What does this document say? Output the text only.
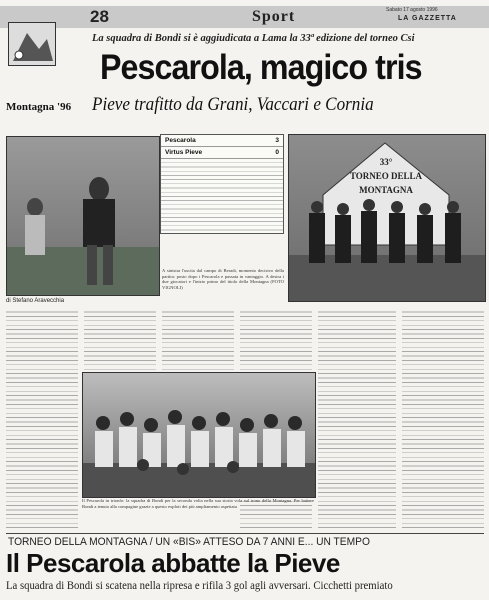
28	Sport	Sabato 17 agosto 1996
LA GAZZETTA
Montagna '96
La squadra di Bondi si è aggiudicata a Lama la 33ª edizione del torneo Csi
Pescarola, magico tris
Pieve trafitto da Grani, Vaccari e Cornia
di Stefano Aravecchia
Pescarola	3
Virtus Pieve	0
33°
TORNEO DELLA
MONTAGNA
A sinistra l'uscita dal campo di Beradi, momento decisivo della partita: posto dopo i Pescarola e passata in vantaggio. A destra i due giocatori e l'inizio primo del titolo della Montagna (FOTO VIGNOLI)
Il Pescarola in trionfo: la squadra di Bondi per la seconda volta nella sua storia vola sul trono della Montagna. Per battere Bondi a tenuto alla compagine grazie a questo exploit dei più ampliamento aspettata
TORNEO DELLA MONTAGNA / UN «BIS» ATTESO DA 7 ANNI E... UN TEMPO
Il Pescarola abbatte la Pieve
La squadra di Bondi si scatena nella ripresa e rifila 3 gol agli avversari. Cicchetti premiato
